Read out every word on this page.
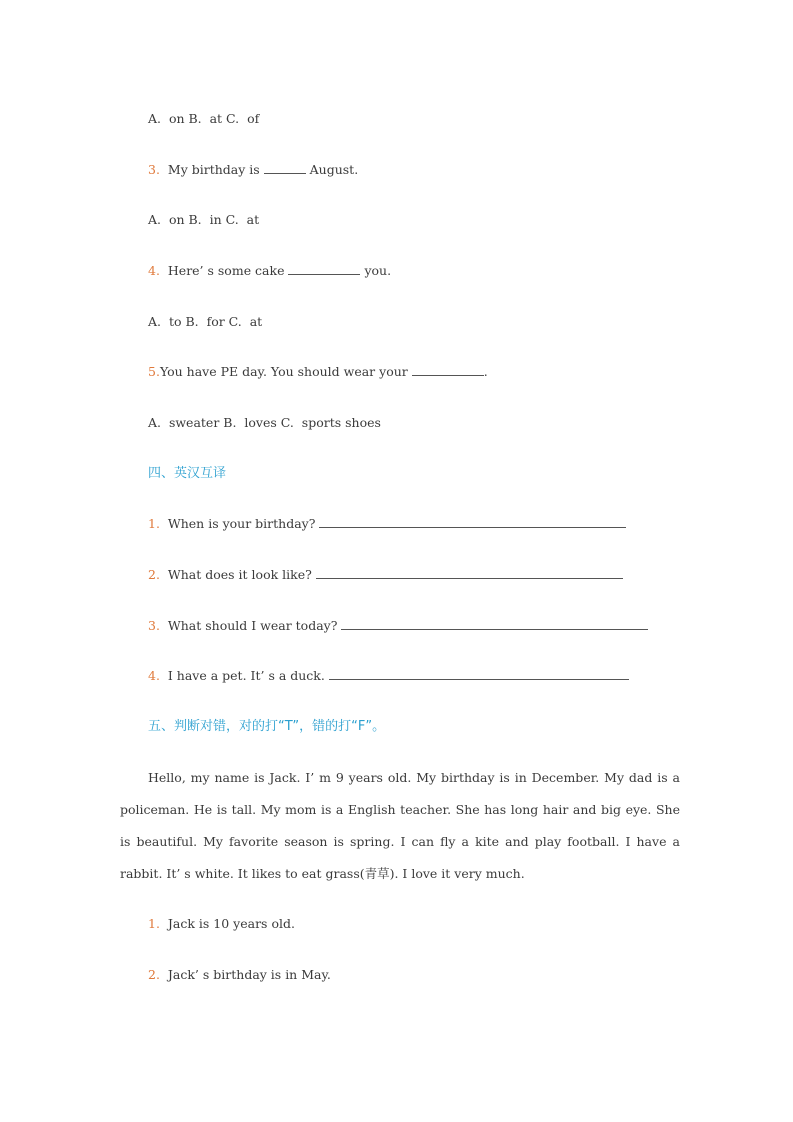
A.  on B.  at C.  of
3. My birthday is	August.
A.  on B.  in C.  at
4. Here’ s some cake	you.
A.  to B.  for C.  at
5.You have PE day. You should wear your	.
A.  sweater B.  loves C.  sports shoes
四、英汉互译
1. When is your birthday?
2. What does it look like?
3. What should I wear today?
4. I have a pet. It’ s a duck.
五、判断对错，对的打“T”，错的打“F”。
Hello, my name is Jack. I’ m 9 years old. My birthday is in December. My dad is a policeman. He is tall. My mom is a English teacher. She has long hair and big eye. She is beautiful. My favorite season is spring. I can fly a kite and play football. I have a rabbit. It’ s white. It likes to eat grass(青草). I love it very much.
1. Jack is 10 years old.
2. Jack’ s birthday is in May.
